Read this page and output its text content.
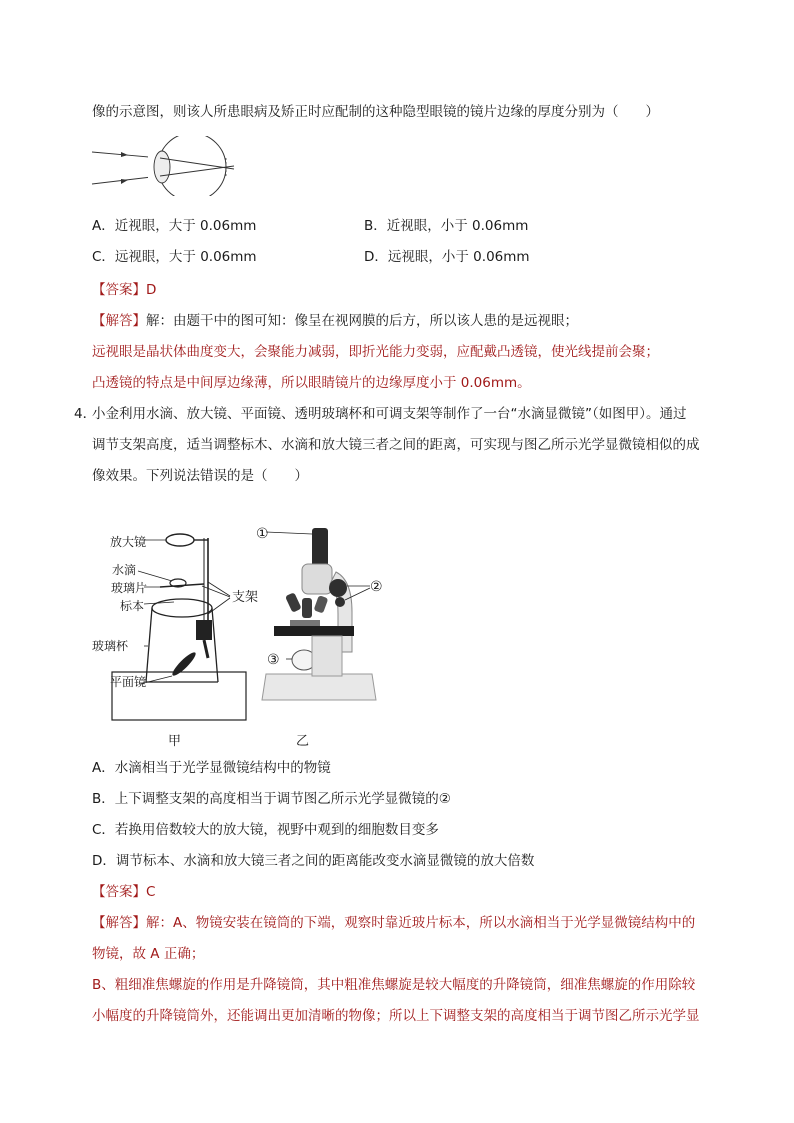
像的示意图，则该人所患眼病及矫正时应配制的这种隐型眼镜的镜片边缘的厚度分别为（　　）
A．近视眼，大于 0.06mm	B．近视眼，小于 0.06mm
C．远视眼，大于 0.06mm	D．远视眼，小于 0.06mm
【答案】D
【解答】解：由题干中的图可知：像呈在视网膜的后方，所以该人患的是远视眼；
远视眼是晶状体曲度变大，会聚能力减弱，即折光能力变弱，应配戴凸透镜，使光线提前会聚；
凸透镜的特点是中间厚边缘薄，所以眼睛镜片的边缘厚度小于 0.06mm。
4．
小金利用水滴、放大镜、平面镜、透明玻璃杯和可调支架等制作了一台“水滴显微镜”（如图甲）。通过
调节支架高度，适当调整标木、水滴和放大镜三者之间的距离，可实现与图乙所示光学显微镜相似的成
像效果。下列说法错误的是（　　）
放大镜
水滴
玻璃片
标本
支架
玻璃杯
平面镜
甲
①
②
③
乙
A．水滴相当于光学显微镜结构中的物镜
B．上下调整支架的高度相当于调节图乙所示光学显微镜的②
C．若换用倍数较大的放大镜，视野中观到的细胞数目变多
D．调节标本、水滴和放大镜三者之间的距离能改变水滴显微镜的放大倍数
【答案】C
【解答】解：A、物镜安装在镜筒的下端，观察时靠近玻片标本，所以水滴相当于光学显微镜结构中的
物镜，故 A 正确；
B、粗细准焦螺旋的作用是升降镜筒，其中粗准焦螺旋是较大幅度的升降镜筒，细准焦螺旋的作用除较
小幅度的升降镜筒外，还能调出更加清晰的物像；所以上下调整支架的高度相当于调节图乙所示光学显
